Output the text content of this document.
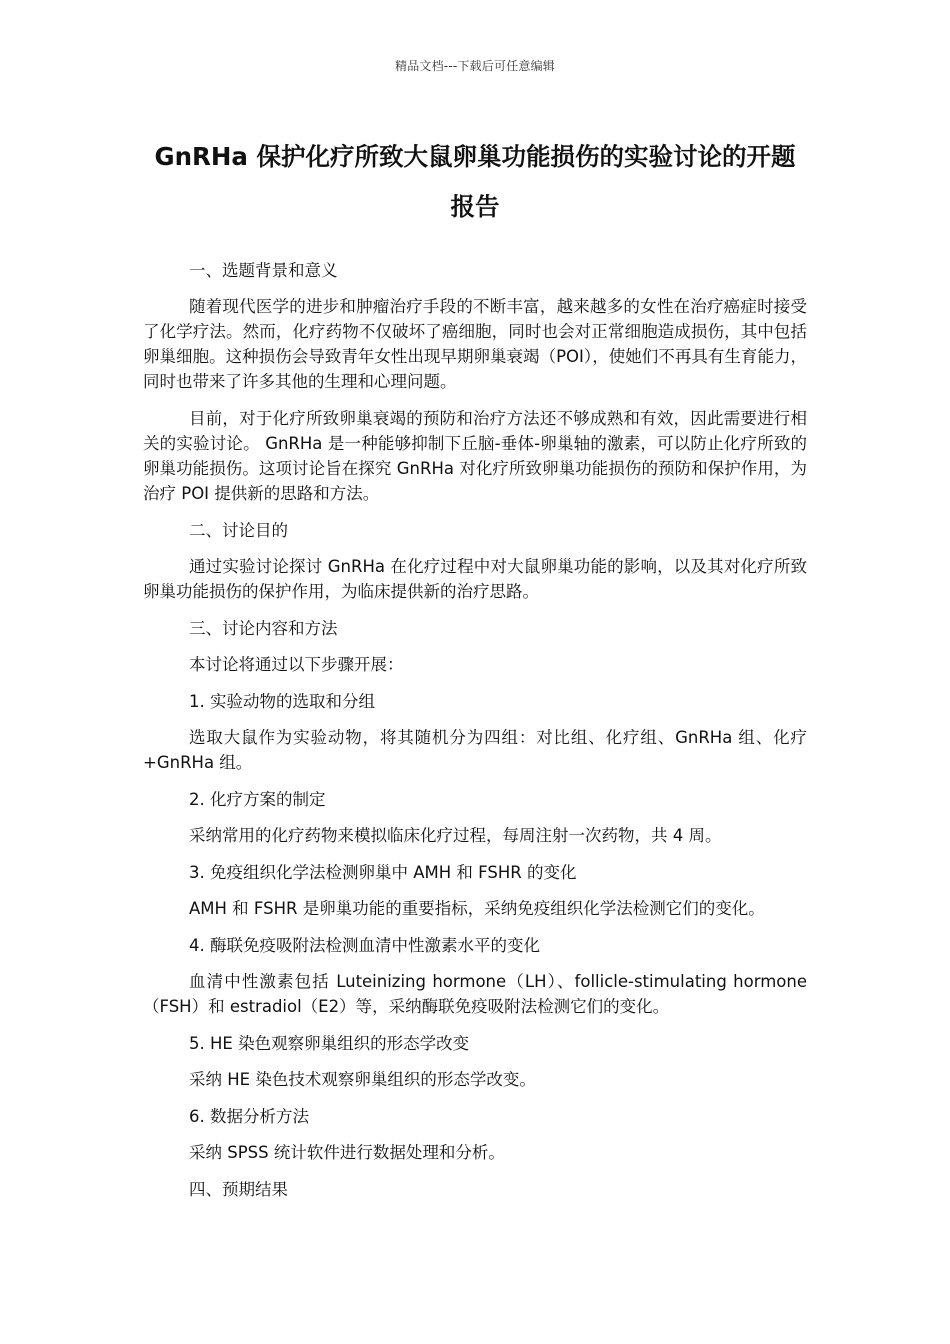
精品文档---下载后可任意编辑
GnRHa 保护化疗所致大鼠卵巢功能损伤的实验讨论的开题报告

一、选题背景和意义

随着现代医学的进步和肿瘤治疗手段的不断丰富，越来越多的女性在治疗癌症时接受了化学疗法。然而，化疗药物不仅破坏了癌细胞，同时也会对正常细胞造成损伤，其中包括卵巢细胞。这种损伤会导致青年女性出现早期卵巢衰竭（POI），使她们不再具有生育能力，同时也带来了许多其他的生理和心理问题。

目前，对于化疗所致卵巢衰竭的预防和治疗方法还不够成熟和有效，因此需要进行相关的实验讨论。 GnRHa 是一种能够抑制下丘脑-垂体-卵巢轴的激素，可以防止化疗所致的卵巢功能损伤。这项讨论旨在探究 GnRHa 对化疗所致卵巢功能损伤的预防和保护作用，为治疗 POI 提供新的思路和方法。

二、讨论目的

通过实验讨论探讨 GnRHa 在化疗过程中对大鼠卵巢功能的影响，以及其对化疗所致卵巢功能损伤的保护作用，为临床提供新的治疗思路。

三、讨论内容和方法

本讨论将通过以下步骤开展：

1. 实验动物的选取和分组

选取大鼠作为实验动物，将其随机分为四组：对比组、化疗组、GnRHa 组、化疗+GnRHa 组。

2. 化疗方案的制定

采纳常用的化疗药物来模拟临床化疗过程，每周注射一次药物，共 4 周。

3. 免疫组织化学法检测卵巢中 AMH 和 FSHR 的变化

AMH 和 FSHR 是卵巢功能的重要指标，采纳免疫组织化学法检测它们的变化。

4. 酶联免疫吸附法检测血清中性激素水平的变化

血清中性激素包括 Luteinizing hormone（LH）、follicle-stimulating hormone（FSH）和 estradiol（E2）等，采纳酶联免疫吸附法检测它们的变化。

5. HE 染色观察卵巢组织的形态学改变

采纳 HE 染色技术观察卵巢组织的形态学改变。

6. 数据分析方法

采纳 SPSS 统计软件进行数据处理和分析。

四、预期结果
